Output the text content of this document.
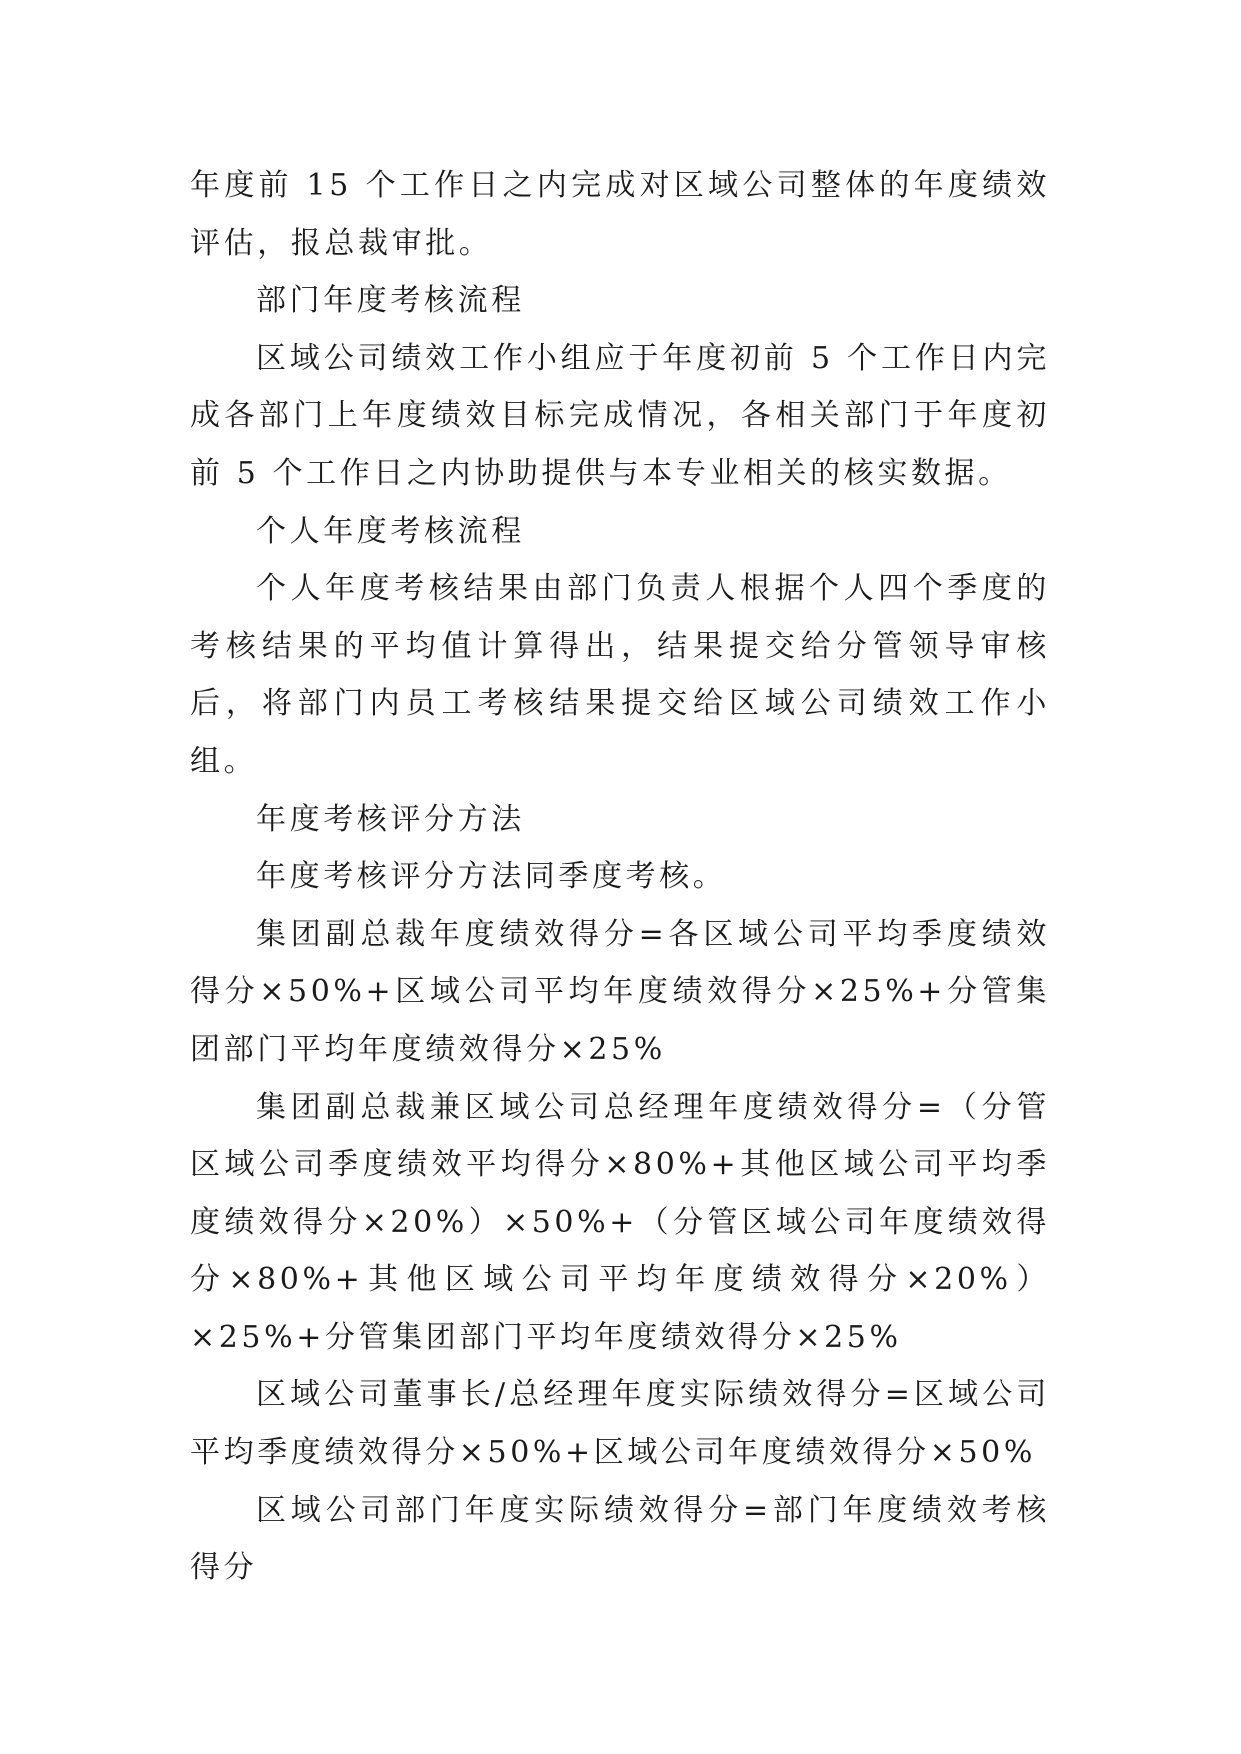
年度前 15 个工作日之内完成对区域公司整体的年度绩效评估，报总裁审批。

部门年度考核流程

区域公司绩效工作小组应于年度初前 5 个工作日内完成各部门上年度绩效目标完成情况，各相关部门于年度初前 5 个工作日之内协助提供与本专业相关的核实数据。

个人年度考核流程

个人年度考核结果由部门负责人根据个人四个季度的考核结果的平均值计算得出，结果提交给分管领导审核后，将部门内员工考核结果提交给区域公司绩效工作小组。

年度考核评分方法

年度考核评分方法同季度考核。

集团副总裁年度绩效得分=各区域公司平均季度绩效得分×50%+区域公司平均年度绩效得分×25%+分管集团部门平均年度绩效得分×25%

集团副总裁兼区域公司总经理年度绩效得分=（分管区域公司季度绩效平均得分×80%+其他区域公司平均季度绩效得分×20%）×50%+（分管区域公司年度绩效得分×80%+其他区域公司平均年度绩效得分×20%）×25%+分管集团部门平均年度绩效得分×25%

区域公司董事长/总经理年度实际绩效得分=区域公司平均季度绩效得分×50%+区域公司年度绩效得分×50%

区域公司部门年度实际绩效得分=部门年度绩效考核得分
